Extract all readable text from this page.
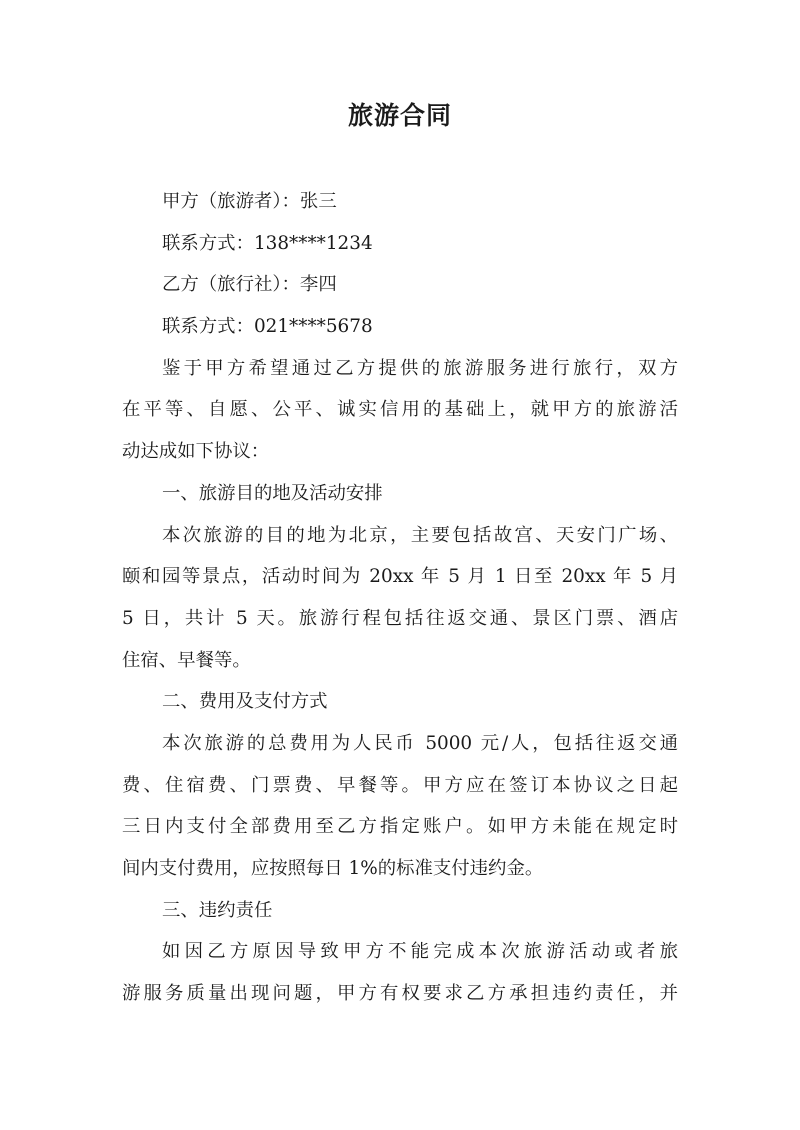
旅游合同
甲方（旅游者）：张三
联系方式：138****1234
乙方（旅行社）：李四
联系方式：021****5678
鉴于甲方希望通过乙方提供的旅游服务进行旅行，双方
在平等、自愿、公平、诚实信用的基础上，就甲方的旅游活
动达成如下协议：
一、旅游目的地及活动安排
本次旅游的目的地为北京，主要包括故宫、天安门广场、
颐和园等景点，活动时间为 20xx 年 5 月 1 日至 20xx 年 5 月
5 日，共计 5 天。旅游行程包括往返交通、景区门票、酒店
住宿、早餐等。
二、费用及支付方式
本次旅游的总费用为人民币 5000 元/人，包括往返交通
费、住宿费、门票费、早餐等。甲方应在签订本协议之日起
三日内支付全部费用至乙方指定账户。如甲方未能在规定时
间内支付费用，应按照每日 1%的标准支付违约金。
三、违约责任
如因乙方原因导致甲方不能完成本次旅游活动或者旅
游服务质量出现问题，甲方有权要求乙方承担违约责任，并
